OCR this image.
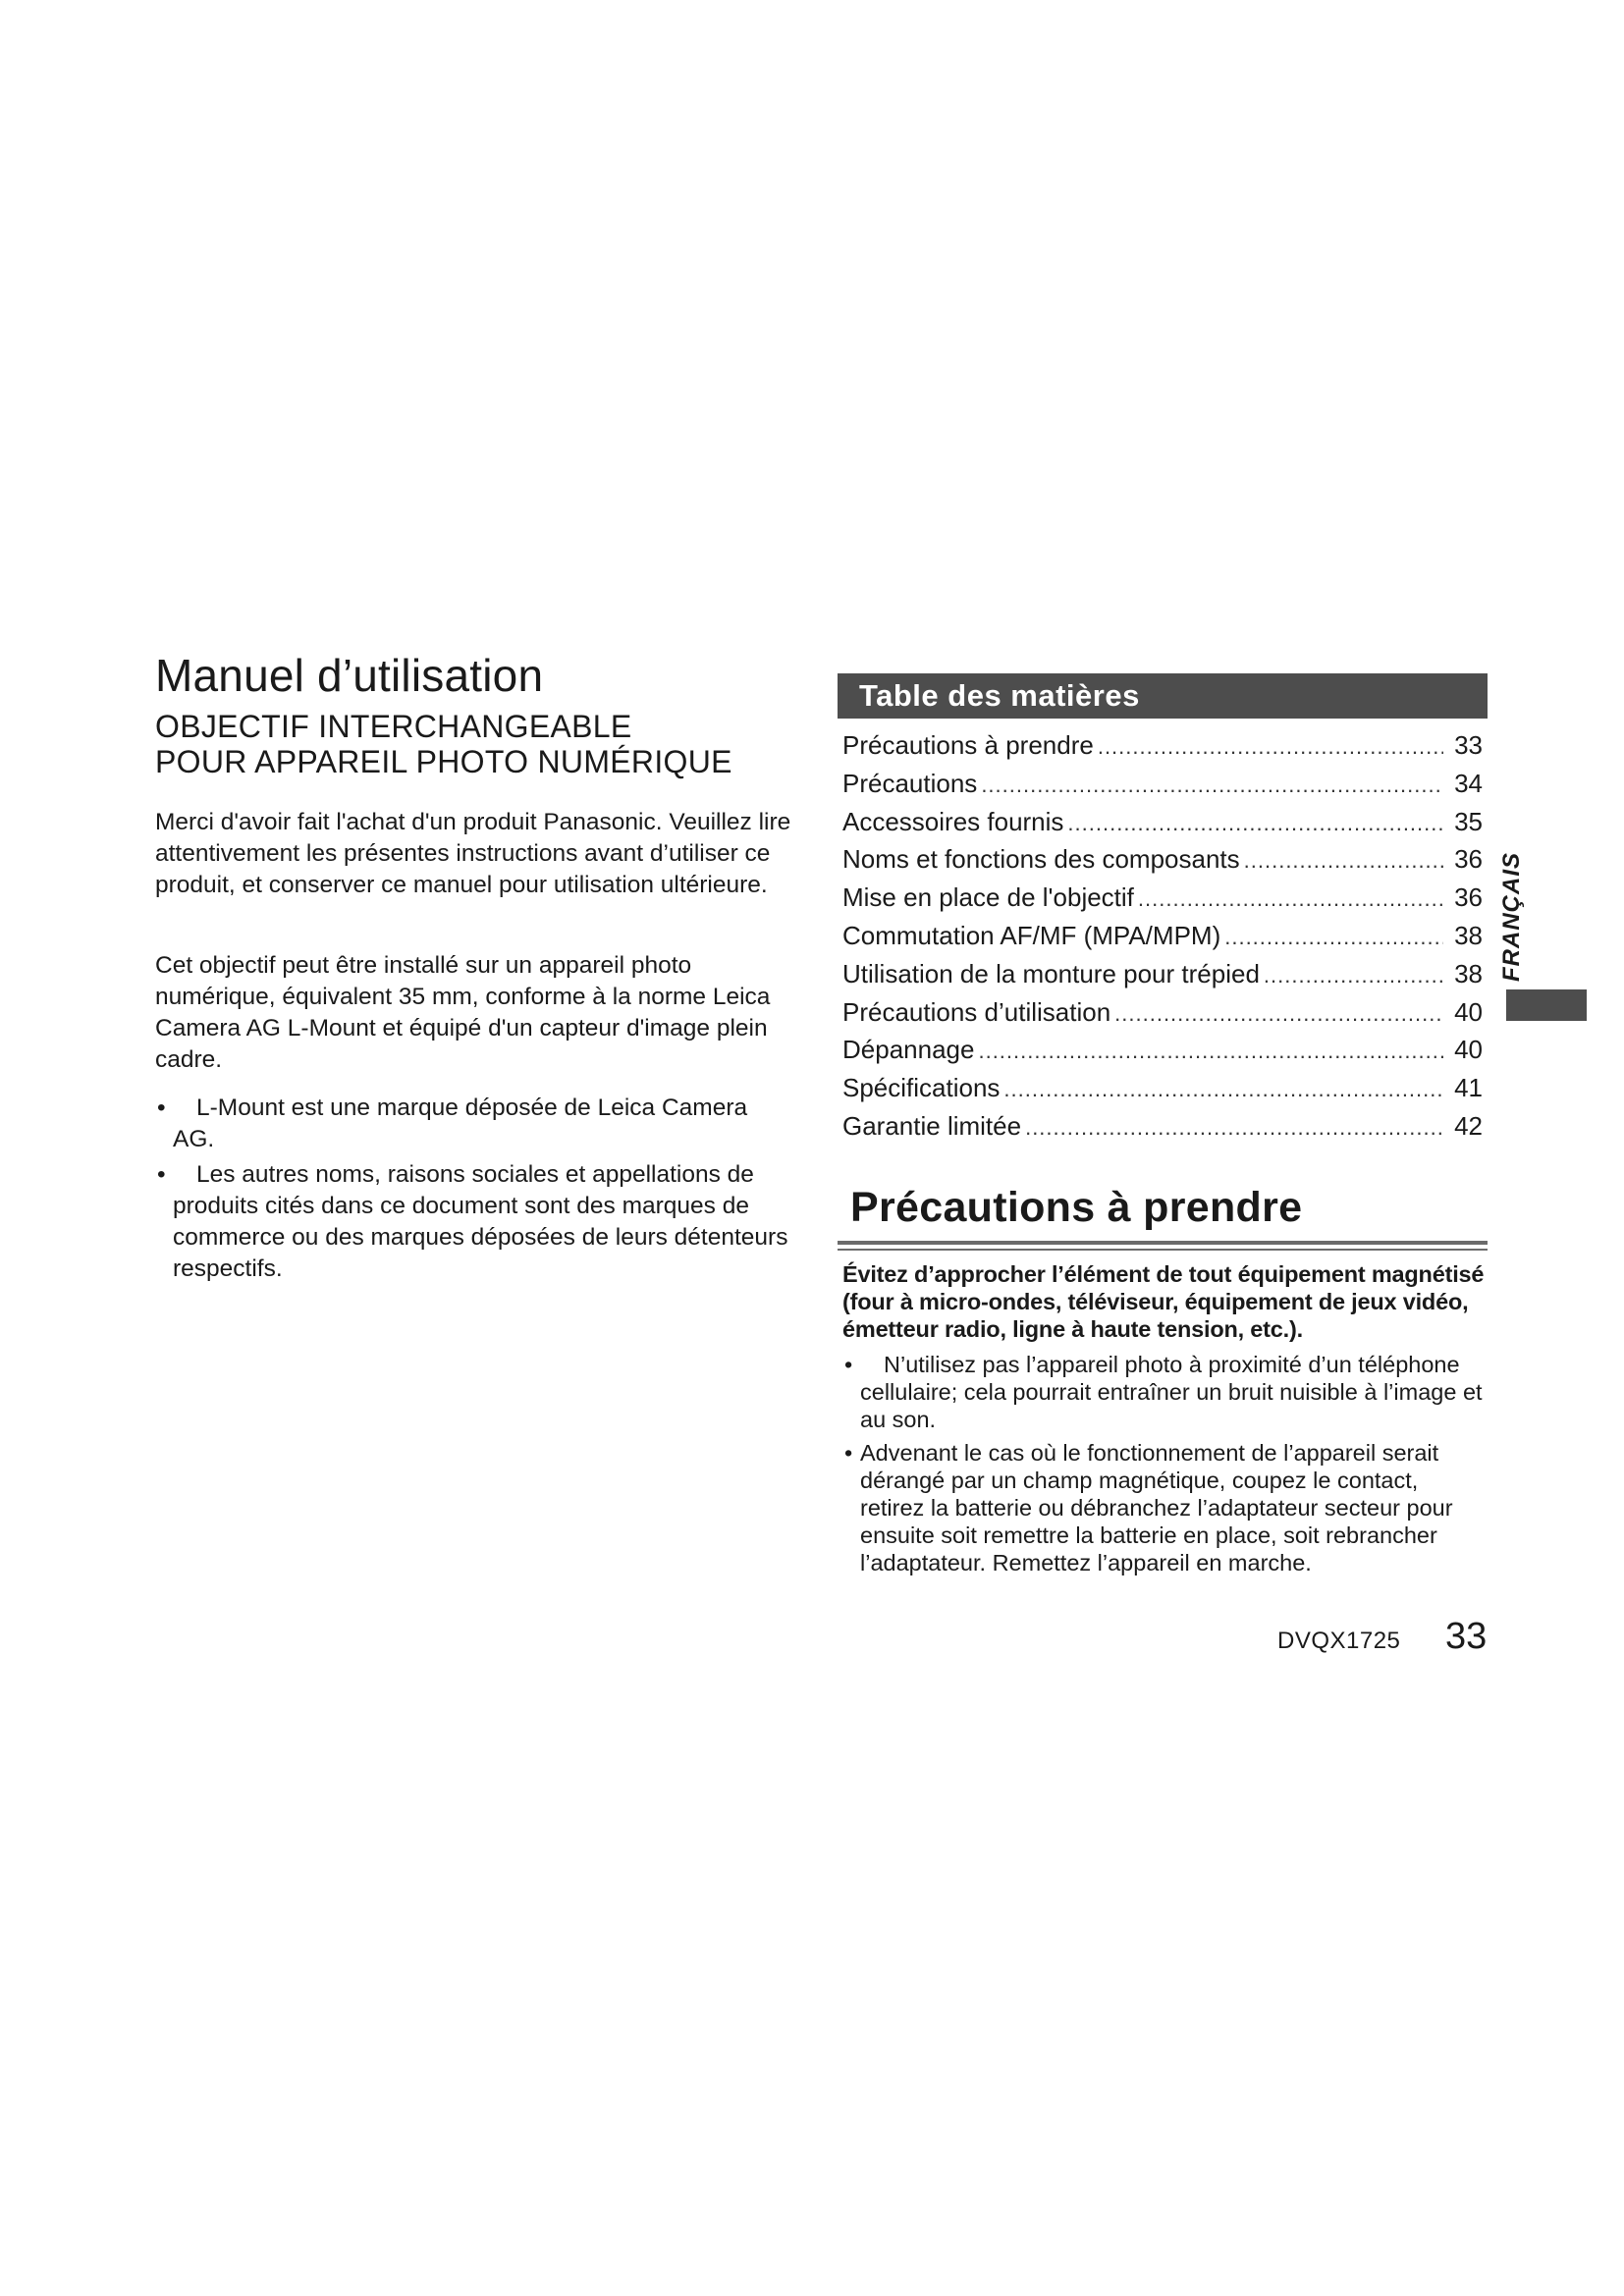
Manuel d’utilisation
OBJECTIF INTERCHANGEABLE
POUR APPAREIL PHOTO NUMÉRIQUE

Merci d'avoir fait l'achat d'un produit Panasonic. Veuillez lire attentivement les présentes instructions avant d’utiliser ce produit, et conserver ce manuel pour utilisation ultérieure.

Cet objectif peut être installé sur un appareil photo numérique, équivalent 35 mm, conforme à la norme Leica Camera AG L-Mount et équipé d'un capteur d'image plein cadre.

• L-Mount est une marque déposée de Leica Camera AG.
• Les autres noms, raisons sociales et appellations de produits cités dans ce document sont des marques de commerce ou des marques déposées de leurs détenteurs respectifs.
Table des matières
Précautions à prendre .....	33
Précautions .....	34
Accessoires fournis .....	35
Noms et fonctions des composants .....	36
Mise en place de l'objectif .....	36
Commutation AF/MF (MPA/MPM) .....	38
Utilisation de la monture pour trépied .....	38
Précautions d’utilisation .....	40
Dépannage .....	40
Spécifications .....	41
Garantie limitée .....	42
Précautions à prendre

Évitez d’approcher l’élément de tout équipement magnétisé (four à micro-ondes, téléviseur, équipement de jeux vidéo, émetteur radio, ligne à haute tension, etc.).

• N’utilisez pas l’appareil photo à proximité d’un téléphone cellulaire; cela pourrait entraîner un bruit nuisible à l’image et au son.
• Advenant le cas où le fonctionnement de l’appareil serait dérangé par un champ magnétique, coupez le contact, retirez la batterie ou débranchez l’adaptateur secteur pour ensuite soit remettre la batterie en place, soit rebrancher l’adaptateur. Remettez l’appareil en marche.
FRANÇAIS
DVQX1725 33
